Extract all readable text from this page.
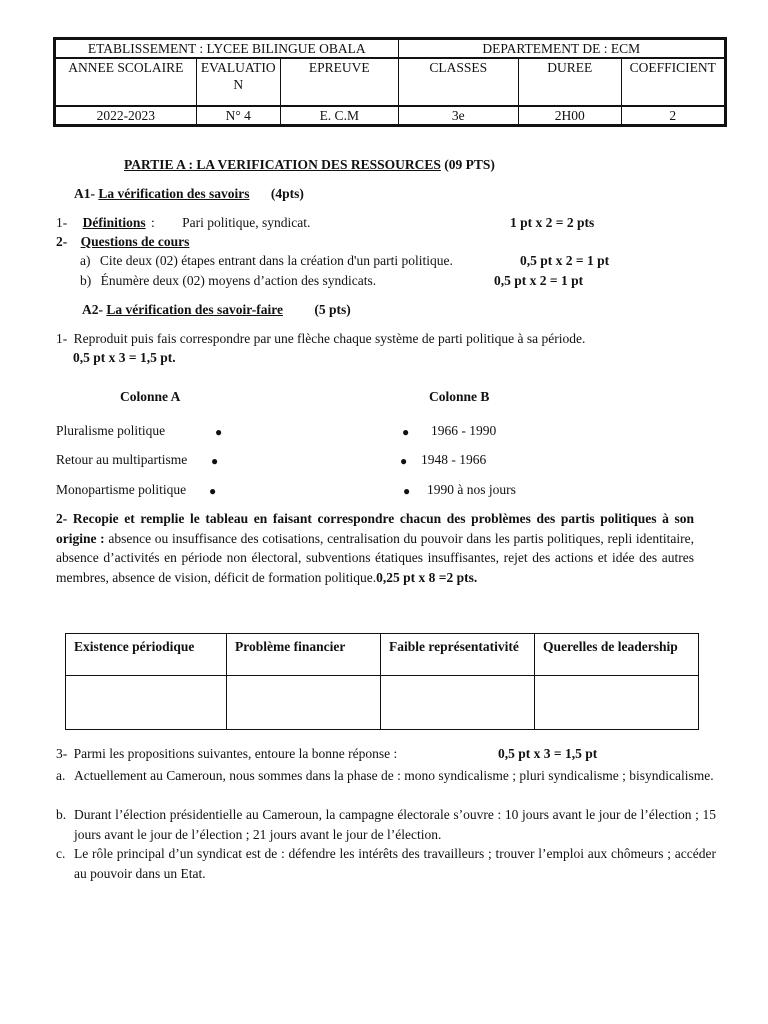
ETABLISSEMENT : LYCEE BILINGUE OBALA			DEPARTEMENT DE : ECM		
ANNEE SCOLAIRE	EVALUATIO N	EPREUVE	CLASSES	DUREE	COEFFICIENT
2022-2023	N° 4	E. C.M	3e	2H00	2
PARTIE A : LA VERIFICATION DES RESSOURCES (09 PTS)
A1- La vérification des savoirs (4pts)
1- Définitions : Pari politique, syndicat.	1 pt x 2 = 2 pts
2- Questions de cours
a) Cite deux (02) étapes entrant dans la création d'un parti politique.	0,5 pt x 2 = 1 pt
b) Énumère deux (02) moyens d’action des syndicats.	0,5 pt x 2 = 1 pt
A2- La vérification des savoir-faire (5 pts)
1- Reproduit puis fais correspondre par une flèche chaque système de parti politique à sa période.
0,5 pt x 3 = 1,5 pt.
Colonne A	Colonne B
Pluralisme politique	●	● 1966 - 1990
Retour au multipartisme ●	● 1948 - 1966
Monopartisme politique ●	● 1990 à nos jours
2- Recopie et remplie le tableau en faisant correspondre chacun des problèmes des partis politiques à son origine : absence ou insuffisance des cotisations, centralisation du pouvoir dans les partis politiques, repli identitaire, absence d’activités en période non électoral, subventions étatiques insuffisantes, rejet des actions et idée des autres membres, absence de vision, déficit de formation politique.0,25 pt x 8 =2 pts.
Existence périodique	Problème financier	Faible représentativité	Querelles de leadership

3- Parmi les propositions suivantes, entoure la bonne réponse :	0,5 pt x 3 = 1,5 pt
a. Actuellement au Cameroun, nous sommes dans la phase de : mono syndicalisme ; pluri syndicalisme ; bisyndicalisme.
b. Durant l’élection présidentielle au Cameroun, la campagne électorale s’ouvre : 10 jours avant le jour de l’élection ; 15 jours avant le jour de l’élection ; 21 jours avant le jour de l’élection.
c. Le rôle principal d’un syndicat est de : défendre les intérêts des travailleurs ; trouver l’emploi aux chômeurs ; accéder au pouvoir dans un Etat.
